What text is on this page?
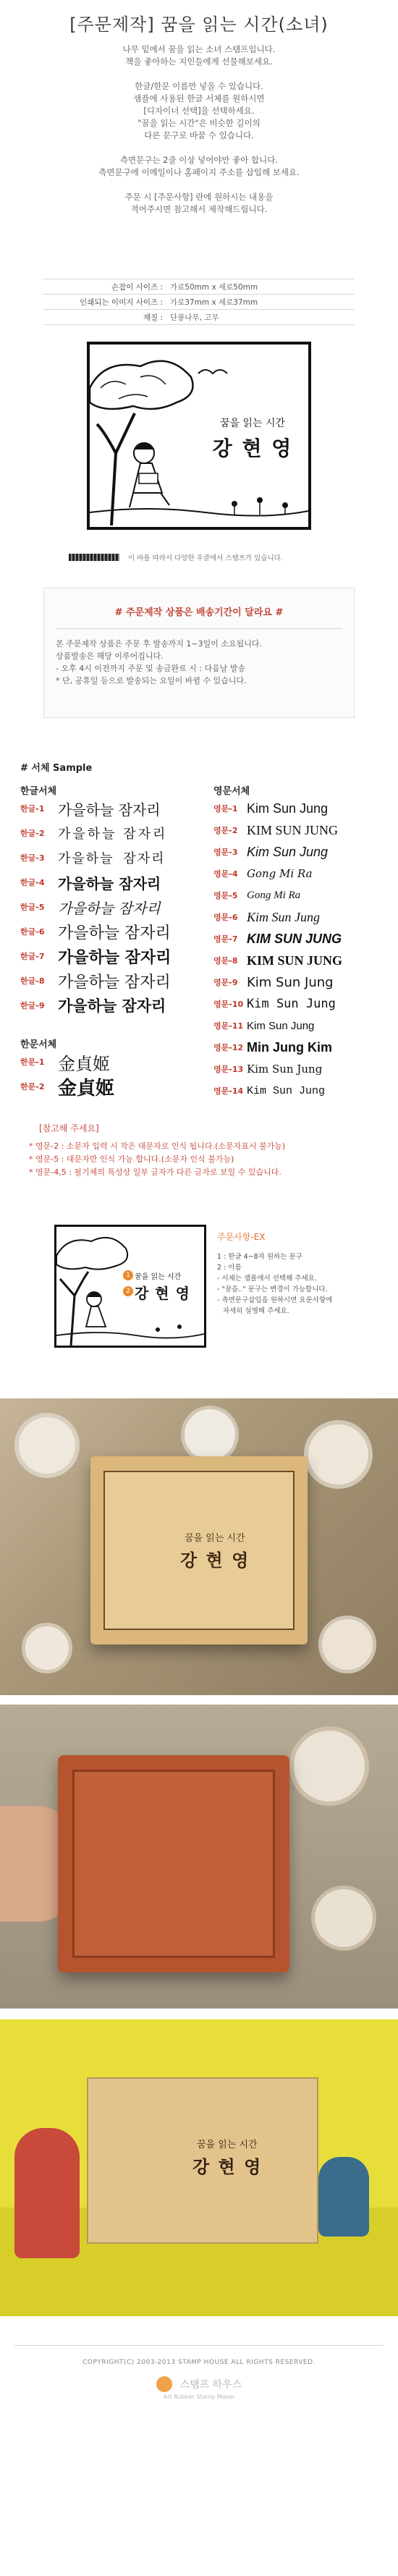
[주문제작] 꿈을 읽는 시간(소녀)

나무 밑에서 꿈을 읽는 소녀 스탬프입니다.

책을 좋아하는 지인들에게 선물해보세요.

한글/한문 이름만 넣을 수 있습니다.

샘플에 사용된 한글 서체를 원하시면

[디자이너 선택]을 선택하세요.

"꿈을 읽는 시간"은 비슷한 길이의

다른 문구로 바꿀 수 있습니다.

측면문구는 2줄 이상 넣어야만 좋아 합니다.

측면문구에 이메일이나 홈페이지 주소를 삽입해 보세요.

주문 시 [주문사항] 란에 원하시는 내용을

적어주시면 참고해서 제작해드립니다.

손잡이 사이즈 : 가로50mm x 세로50mm
인쇄되는 이미지 사이즈 : 가로37mm x 세로37mm
재질 : 단풍나무, 고무
꿈을 읽는 시간
강 현 영
이 바를 따라서 다양한 우클에서 스탬프가 있습니다.
# 주문제작 상품은 배송기간이 달라요 #
본 주문제작 상품은 주문 후 발송까지 1~3일이 소요됩니다.
상품발송은 해당 이루어집니다.
- 오후 4시 이전까지 주문 및 송금완료 시 : 다음날 발송
* 단, 공휴일 등으로 발송되는 요일이 바뀔 수 있습니다.
# 서체 Sample
한글서체
한글-1 가을하늘 잠자리
한글-2	가을하늘 잠자리
한글-3	가을하늘 잠자리
한글-4 가을하늘 잠자리
한글-5 가을하늘 잠자리
한글-6 가을하늘 잠자리
한글-7 가을하늘 잠자리
한글-8 가을하늘 잠자리
한글-9 가을하늘 잠자리
한문서체
한문-1 金貞姬
한문-2 金貞姬
영문서체
영문-1 Kim Sun Jung
영문-2 KIM SUN JUNG
영문-3 Kim Sun Jung
영문-4 Gong Mi Ra
영문-5 Gong Mi Ra
영문-6 Kim Sun Jung
영문-7 KIM SUN JUNG
영문-8 KIM SUN JUNG
영문-9 Kim Sun Jung
영문-10 Kim Sun Jung
영문-11 Kim Sun Jung
영문-12 Min Jung Kim
영문-13 Kim Sun Jung
영문-14 Kim Sun Jung
[참고해 주세요]
* 영문-2 : 소문자 입력 시 작은 대문자로 인식 됩니다.(소문자표시 불가능)
* 영문-5 : 대문자만 인식 가능 합니다.(소문자 인식 불가능)
* 영문-4,5 : 필기체의 특성상 일부 글자가 다른 글자로 보일 수 있습니다.
1 꿈을 읽는 시간
2 강 현 영
주문사항-EX
1 : 한글 4~8자 원하는 문구
2 : 이름
- 서체는 샘플에서 선택해 주세요.
- "꿈을.." 문구는 변경이 가능합니다.
- 측면문구삽입을 원하시면 요문사항에
자세히 설명해 주세요.
꿈을 읽는 시간
강 현 영
꿈을 읽는 시간
강 현 영
COPYRIGHT(C) 2003-2013 STAMP HOUSE ALL RIGHTS RESERVED.
스탬프 하우스
Art Rubber Stamp Maker
